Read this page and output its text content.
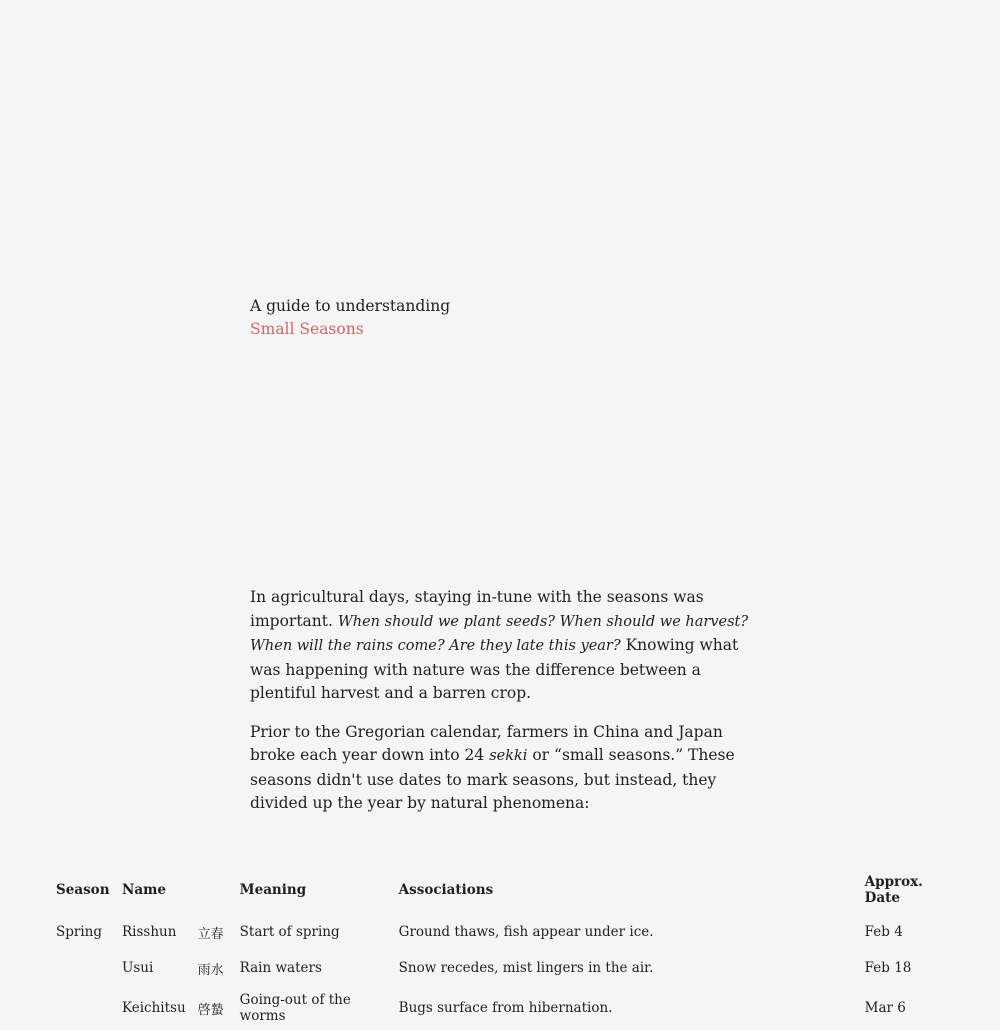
A guide to understanding
Small Seasons

In agricultural days, staying in-tune with the seasons was important. When should we plant seeds? When should we harvest? When will the rains come? Are they late this year? Knowing what was happening with nature was the difference between a plentiful harvest and a barren crop.

Prior to the Gregorian calendar, farmers in China and Japan broke each year down into 24 sekki or “small seasons.” These seasons didn't use dates to mark seasons, but instead, they divided up the year by natural phenomena:

Season	Name		Meaning	Associations	Approx. Date
Spring	Risshun	立春	Start of spring	Ground thaws, fish appear under ice.	Feb 4
	Usui	雨水	Rain waters	Snow recedes, mist lingers in the air.	Feb 18
	Keichitsu	啓蟄	Going-out of the worms	Bugs surface from hibernation.	Mar 6
